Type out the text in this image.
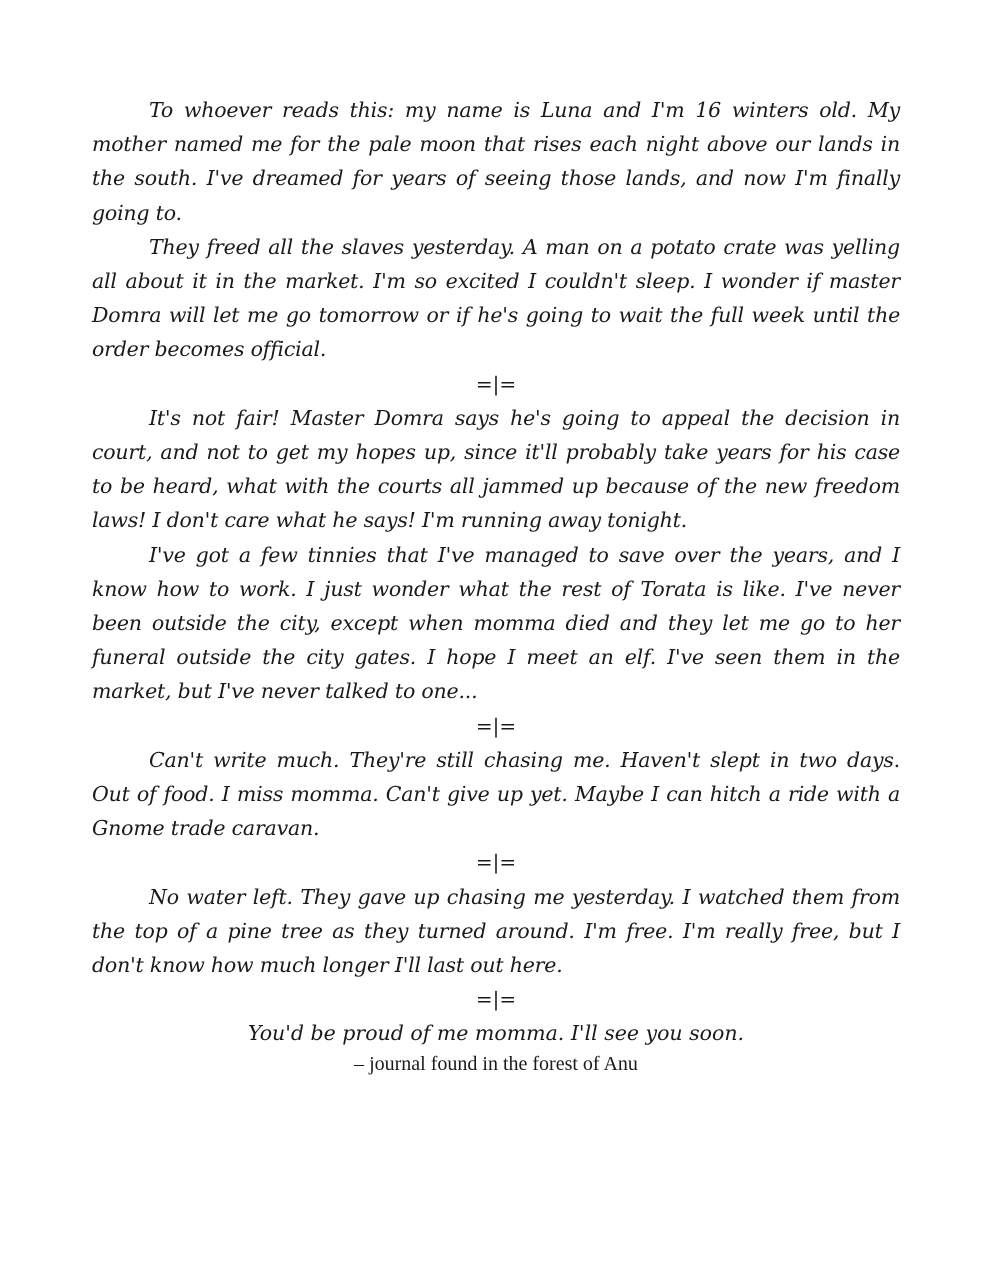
To whoever reads this: my name is Luna and I'm 16 winters old. My mother named me for the pale moon that rises each night above our lands in the south. I've dreamed for years of seeing those lands, and now I'm finally going to.

They freed all the slaves yesterday. A man on a potato crate was yelling all about it in the market. I'm so excited I couldn't sleep. I wonder if master Domra will let me go tomorrow or if he's going to wait the full week until the order becomes official.

=|=

It's not fair! Master Domra says he's going to appeal the decision in court, and not to get my hopes up, since it'll probably take years for his case to be heard, what with the courts all jammed up because of the new freedom laws! I don't care what he says! I'm running away tonight.

I've got a few tinnies that I've managed to save over the years, and I know how to work. I just wonder what the rest of Torata is like. I've never been outside the city, except when momma died and they let me go to her funeral outside the city gates. I hope I meet an elf. I've seen them in the market, but I've never talked to one...

=|=

Can't write much. They're still chasing me. Haven't slept in two days. Out of food. I miss momma. Can't give up yet. Maybe I can hitch a ride with a Gnome trade caravan.

=|=

No water left. They gave up chasing me yesterday. I watched them from the top of a pine tree as they turned around. I'm free. I'm really free, but I don't know how much longer I'll last out here.

=|=

You'd be proud of me momma. I'll see you soon.

– journal found in the forest of Anu
